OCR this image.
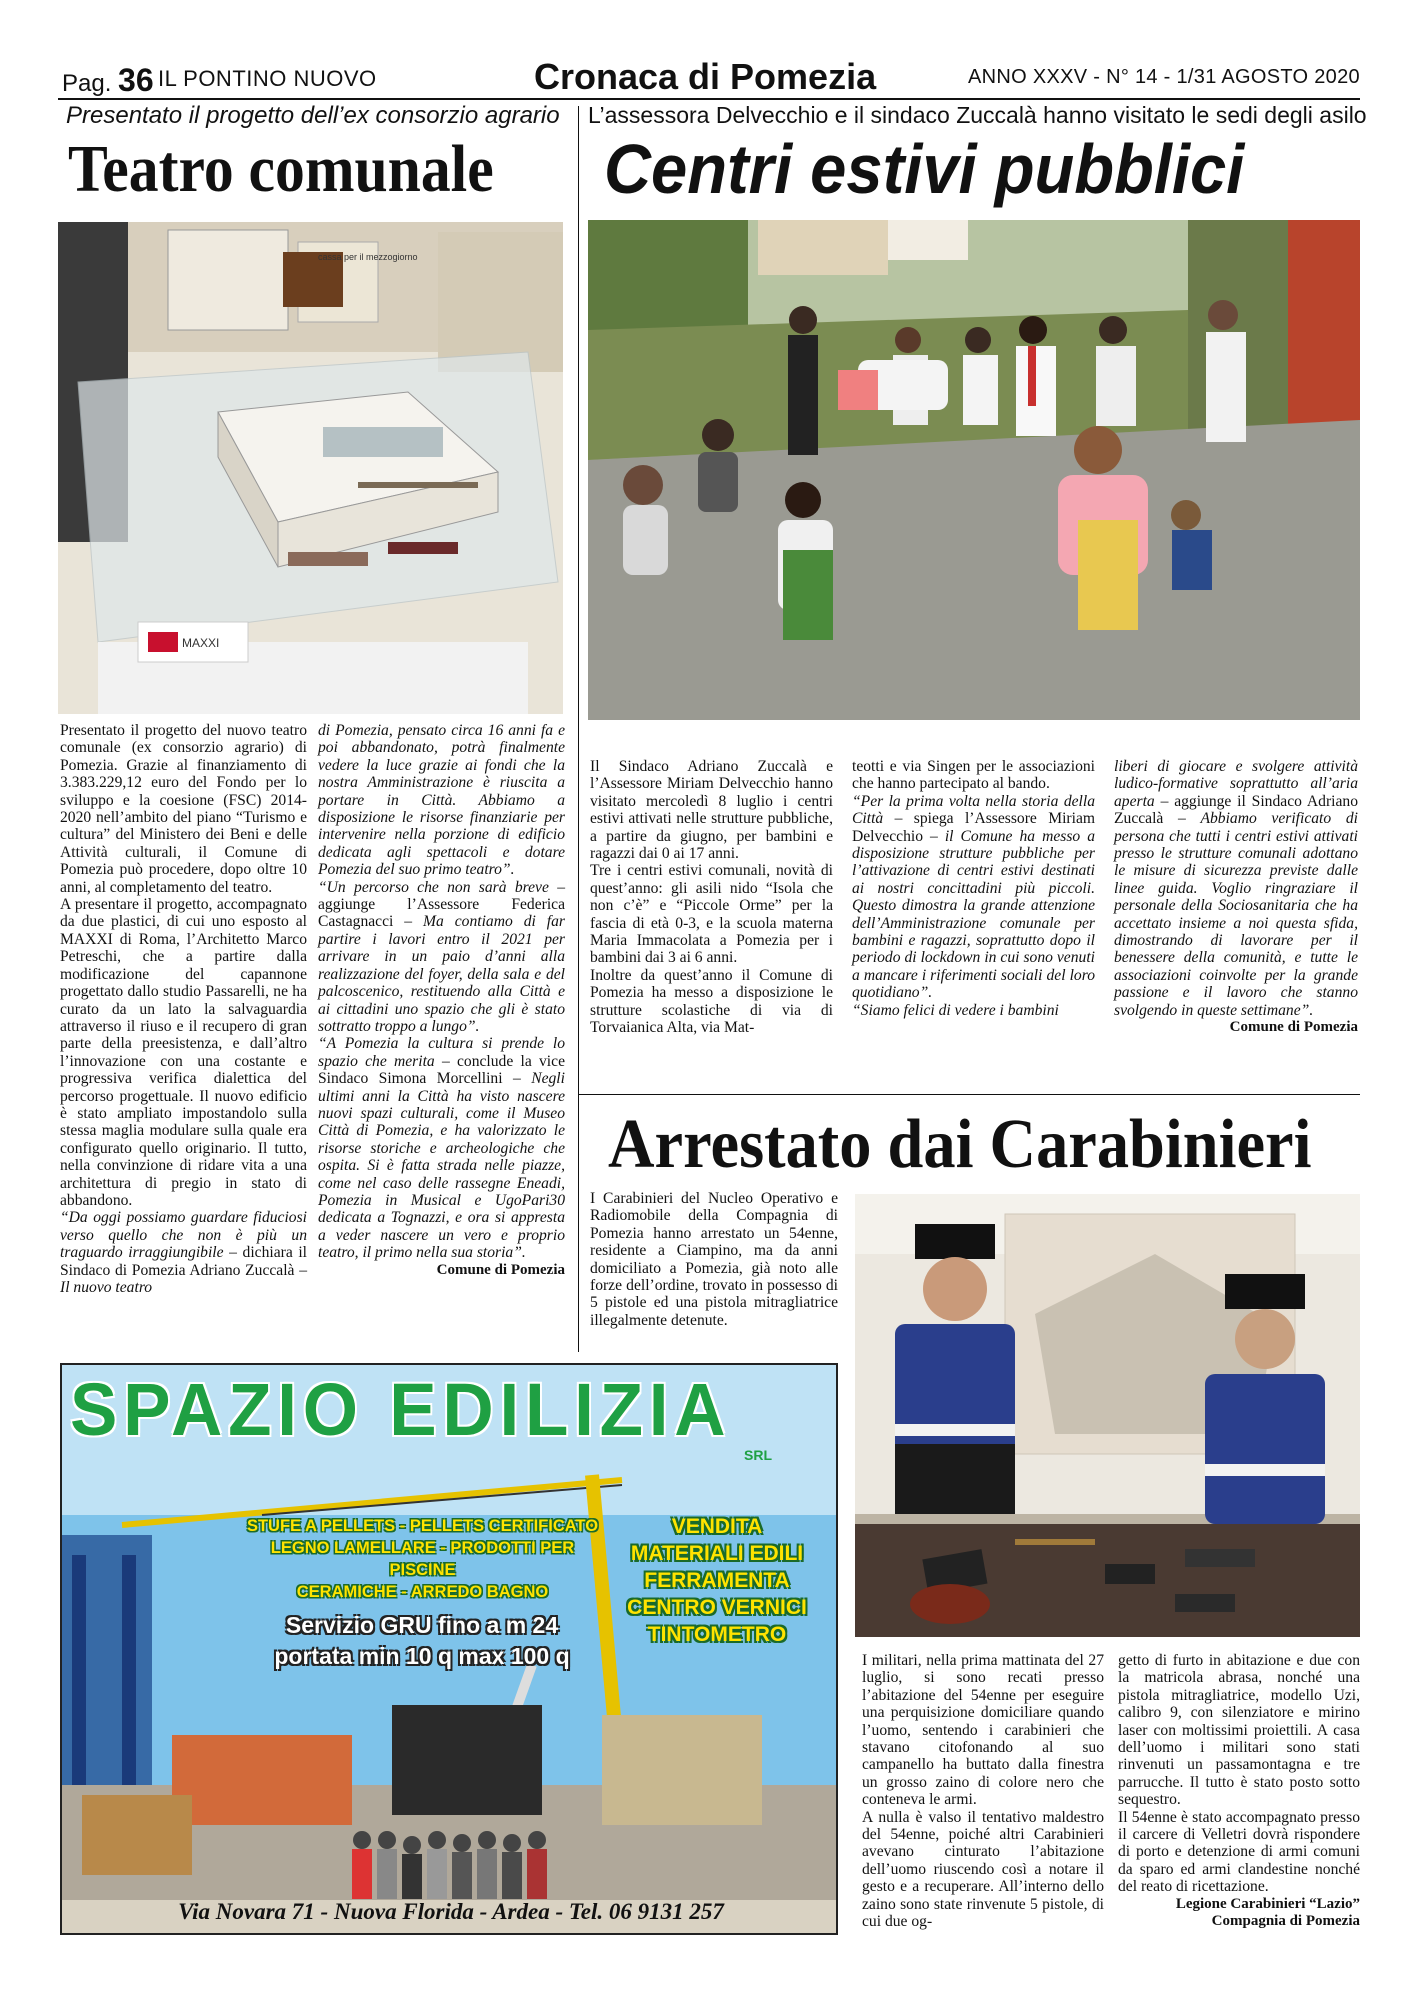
Pag. 36 IL PONTINO NUOVO	Cronaca di Pomezia	ANNO XXXV - N° 14 - 1/31 AGOSTO 2020
Presentato il progetto dell’ex consorzio agrario
Teatro comunale
cassa per il mezzogiorno
MAXXI

Presentato il progetto del nuovo teatro comunale (ex consorzio agrario) di Pomezia. Grazie al finanziamento di 3.383.229,12 euro del Fondo per lo sviluppo e la coesione (FSC) 2014-2020 nell’ambito del piano “Turismo e cultura” del Ministero dei Beni e delle Attività culturali, il Comune di Pomezia può procedere, dopo oltre 10 anni, al completamento del teatro.

A presentare il progetto, accompagnato da due plastici, di cui uno esposto al MAXXI di Roma, l’Architetto Marco Petreschi, che a partire dalla modificazione del capannone progettato dallo studio Passarelli, ne ha curato da un lato la salvaguardia attraverso il riuso e il recupero di gran parte della preesistenza, e dall’altro l’innovazione con una costante e progressiva verifica dialettica del percorso progettuale. Il nuovo edificio è stato ampliato impostandolo sulla stessa maglia modulare sulla quale era configurato quello originario. Il tutto, nella convinzione di ridare vita a una architettura di pregio in stato di abbandono.

“Da oggi possiamo guardare fiduciosi verso quello che non è più un traguardo irraggiungibile – dichiara il Sindaco di Pomezia Adriano Zuccalà – Il nuovo teatro

di Pomezia, pensato circa 16 anni fa e poi abbandonato, potrà finalmente vedere la luce grazie ai fondi che la nostra Amministrazione è riuscita a portare in Città. Abbiamo a disposizione le risorse finanziarie per intervenire nella porzione di edificio dedicata agli spettacoli e dotare Pomezia del suo primo teatro”.

“Un percorso che non sarà breve – aggiunge l’Assessore Federica Castagnacci – Ma contiamo di far partire i lavori entro il 2021 per arrivare in un paio d’anni alla realizzazione del foyer, della sala e del palcoscenico, restituendo alla Città e ai cittadini uno spazio che gli è stato sottratto troppo a lungo”.

“A Pomezia la cultura si prende lo spazio che merita – conclude la vice Sindaco Simona Morcellini – Negli ultimi anni la Città ha visto nascere nuovi spazi culturali, come il Museo Città di Pomezia, e ha valorizzato le risorse storiche e archeologiche che ospita. Si è fatta strada nelle piazze, come nel caso delle rassegne Eneadi, Pomezia in Musical e UgoPari30 dedicata a Tognazzi, e ora si appresta a veder nascere un vero e proprio teatro, il primo nella sua storia”.

Comune di Pomezia

L’assessora Delvecchio e il sindaco Zuccalà hanno visitato le sedi degli asilo
Centri estivi pubblici

Il Sindaco Adriano Zuccalà e l’Assessore Miriam Delvecchio hanno visitato mercoledì 8 luglio i centri estivi attivati nelle strutture pubbliche, a partire da giugno, per bambini e ragazzi dai 0 ai 17 anni.

Tre i centri estivi comunali, novità di quest’anno: gli asili nido “Isola che non c’è” e “Piccole Orme” per la fascia di età 0-3, e la scuola materna Maria Immacolata a Pomezia per i bambini dai 3 ai 6 anni.

Inoltre da quest’anno il Comune di Pomezia ha messo a disposizione le strutture scolastiche di via di Torvaianica Alta, via Mat-

teotti e via Singen per le associazioni che hanno partecipato al bando.

“Per la prima volta nella storia della Città – spiega l’Assessore Miriam Delvecchio – il Comune ha messo a disposizione strutture pubbliche per l’attivazione di centri estivi destinati ai nostri concittadini più piccoli. Questo dimostra la grande attenzione dell’Amministrazione comunale per bambini e ragazzi, soprattutto dopo il periodo di lockdown in cui sono venuti a mancare i riferimenti sociali del loro quotidiano”.

“Siamo felici di vedere i bambini

liberi di giocare e svolgere attività ludico-formative soprattutto all’aria aperta – aggiunge il Sindaco Adriano Zuccalà – Abbiamo verificato di persona che tutti i centri estivi attivati presso le strutture comunali adottano le misure di sicurezza previste dalle linee guida. Voglio ringraziare il personale della Sociosanitaria che ha accettato insieme a noi questa sfida, dimostrando di lavorare per il benessere della comunità, e tutte le associazioni coinvolte per la grande passione e il lavoro che stanno svolgendo in queste settimane”.

Comune di Pomezia

Arrestato dai Carabinieri
I Carabinieri del Nucleo Operativo e Radiomobile della Compagnia di Pomezia hanno arrestato un 54enne, residente a Ciampino, ma da anni domiciliato a Pomezia, già noto alle forze dell’ordine, trovato in possesso di 5 pistole ed una pistola mitragliatrice illegalmente detenute.

I militari, nella prima mattinata del 27 luglio, si sono recati presso l’abitazione del 54enne per eseguire una perquisizione domiciliare quando l’uomo, sentendo i carabinieri che stavano citofonando al suo campanello ha buttato dalla finestra un grosso zaino di colore nero che conteneva le armi.

A nulla è valso il tentativo maldestro del 54enne, poiché altri Carabinieri avevano cinturato l’abitazione dell’uomo riuscendo così a notare il gesto e a recuperare. All’interno dello zaino sono state rinvenute 5 pistole, di cui due og-

getto di furto in abitazione e due con la matricola abrasa, nonché una pistola mitragliatrice, modello Uzi, calibro 9, con silenziatore e mirino laser con moltissimi proiettili. A casa dell’uomo i militari sono stati rinvenuti un passamontagna e tre parrucche. Il tutto è stato posto sotto sequestro.

Il 54enne è stato accompagnato presso il carcere di Velletri dovrà rispondere di porto e detenzione di armi comuni da sparo ed armi clandestine nonché del reato di ricettazione.

Legione Carabinieri “Lazio”

Compagnia di Pomezia

SPAZIO EDILIZIA
SRL
STUFE A PELLETS - PELLETS CERTIFICATO
LEGNO LAMELLARE - PRODOTTI PER PISCINE
CERAMICHE - ARREDO BAGNO
VENDITA
MATERIALI EDILI
FERRAMENTA
CENTRO VERNICI
TINTOMETRO
Servizio GRU fino a m 24
portata min 10 q max 100 q
Via Novara 71 - Nuova Florida - Ardea - Tel. 06 9131 257
